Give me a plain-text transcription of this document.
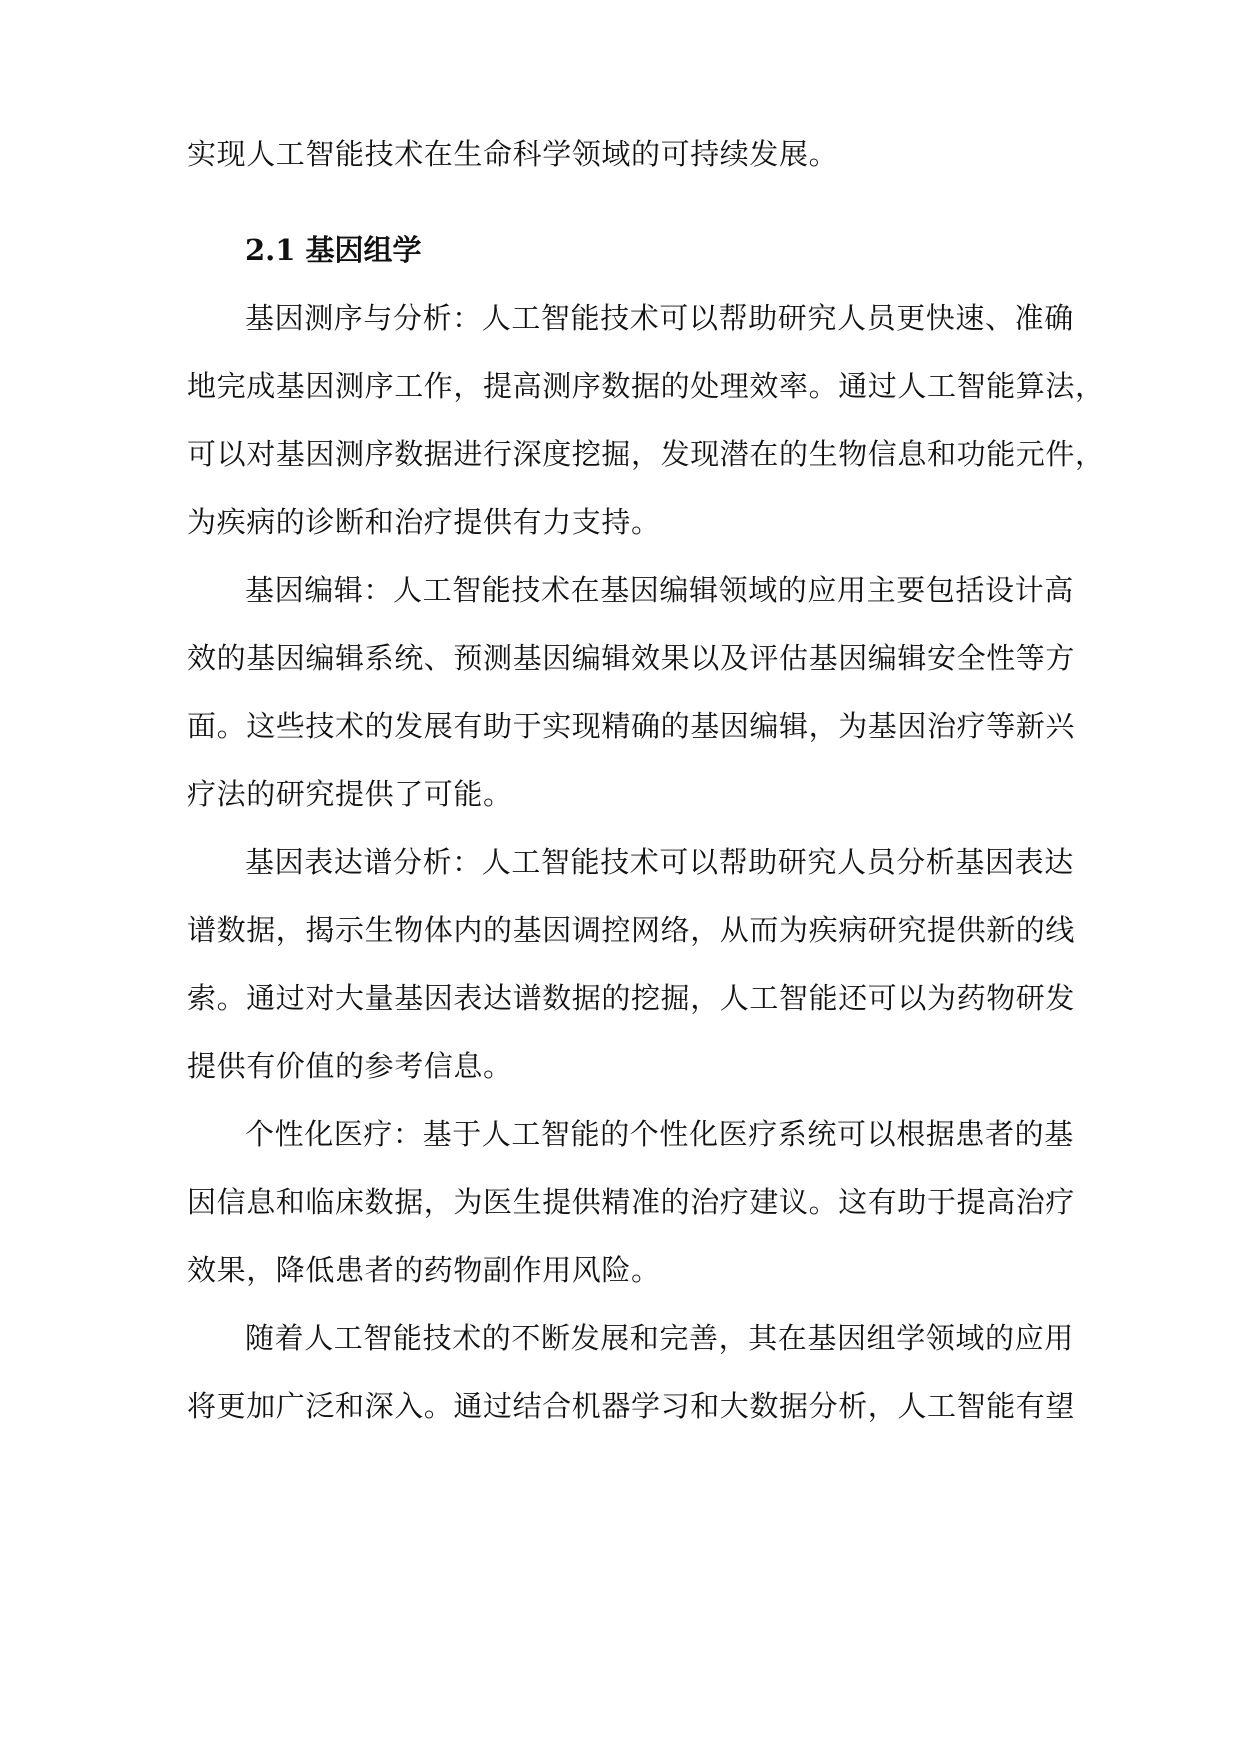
实现人工智能技术在生命科学领域的可持续发展。
2.1 基因组学
基因测序与分析：人工智能技术可以帮助研究人员更快速、准确
地完成基因测序工作，提高测序数据的处理效率。通过人工智能算法，
可以对基因测序数据进行深度挖掘，发现潜在的生物信息和功能元件，
为疾病的诊断和治疗提供有力支持。
基因编辑：人工智能技术在基因编辑领域的应用主要包括设计高
效的基因编辑系统、预测基因编辑效果以及评估基因编辑安全性等方
面。这些技术的发展有助于实现精确的基因编辑，为基因治疗等新兴
疗法的研究提供了可能。
基因表达谱分析：人工智能技术可以帮助研究人员分析基因表达
谱数据，揭示生物体内的基因调控网络，从而为疾病研究提供新的线
索。通过对大量基因表达谱数据的挖掘，人工智能还可以为药物研发
提供有价值的参考信息。
个性化医疗：基于人工智能的个性化医疗系统可以根据患者的基
因信息和临床数据，为医生提供精准的治疗建议。这有助于提高治疗
效果，降低患者的药物副作用风险。
随着人工智能技术的不断发展和完善，其在基因组学领域的应用
将更加广泛和深入。通过结合机器学习和大数据分析，人工智能有望
